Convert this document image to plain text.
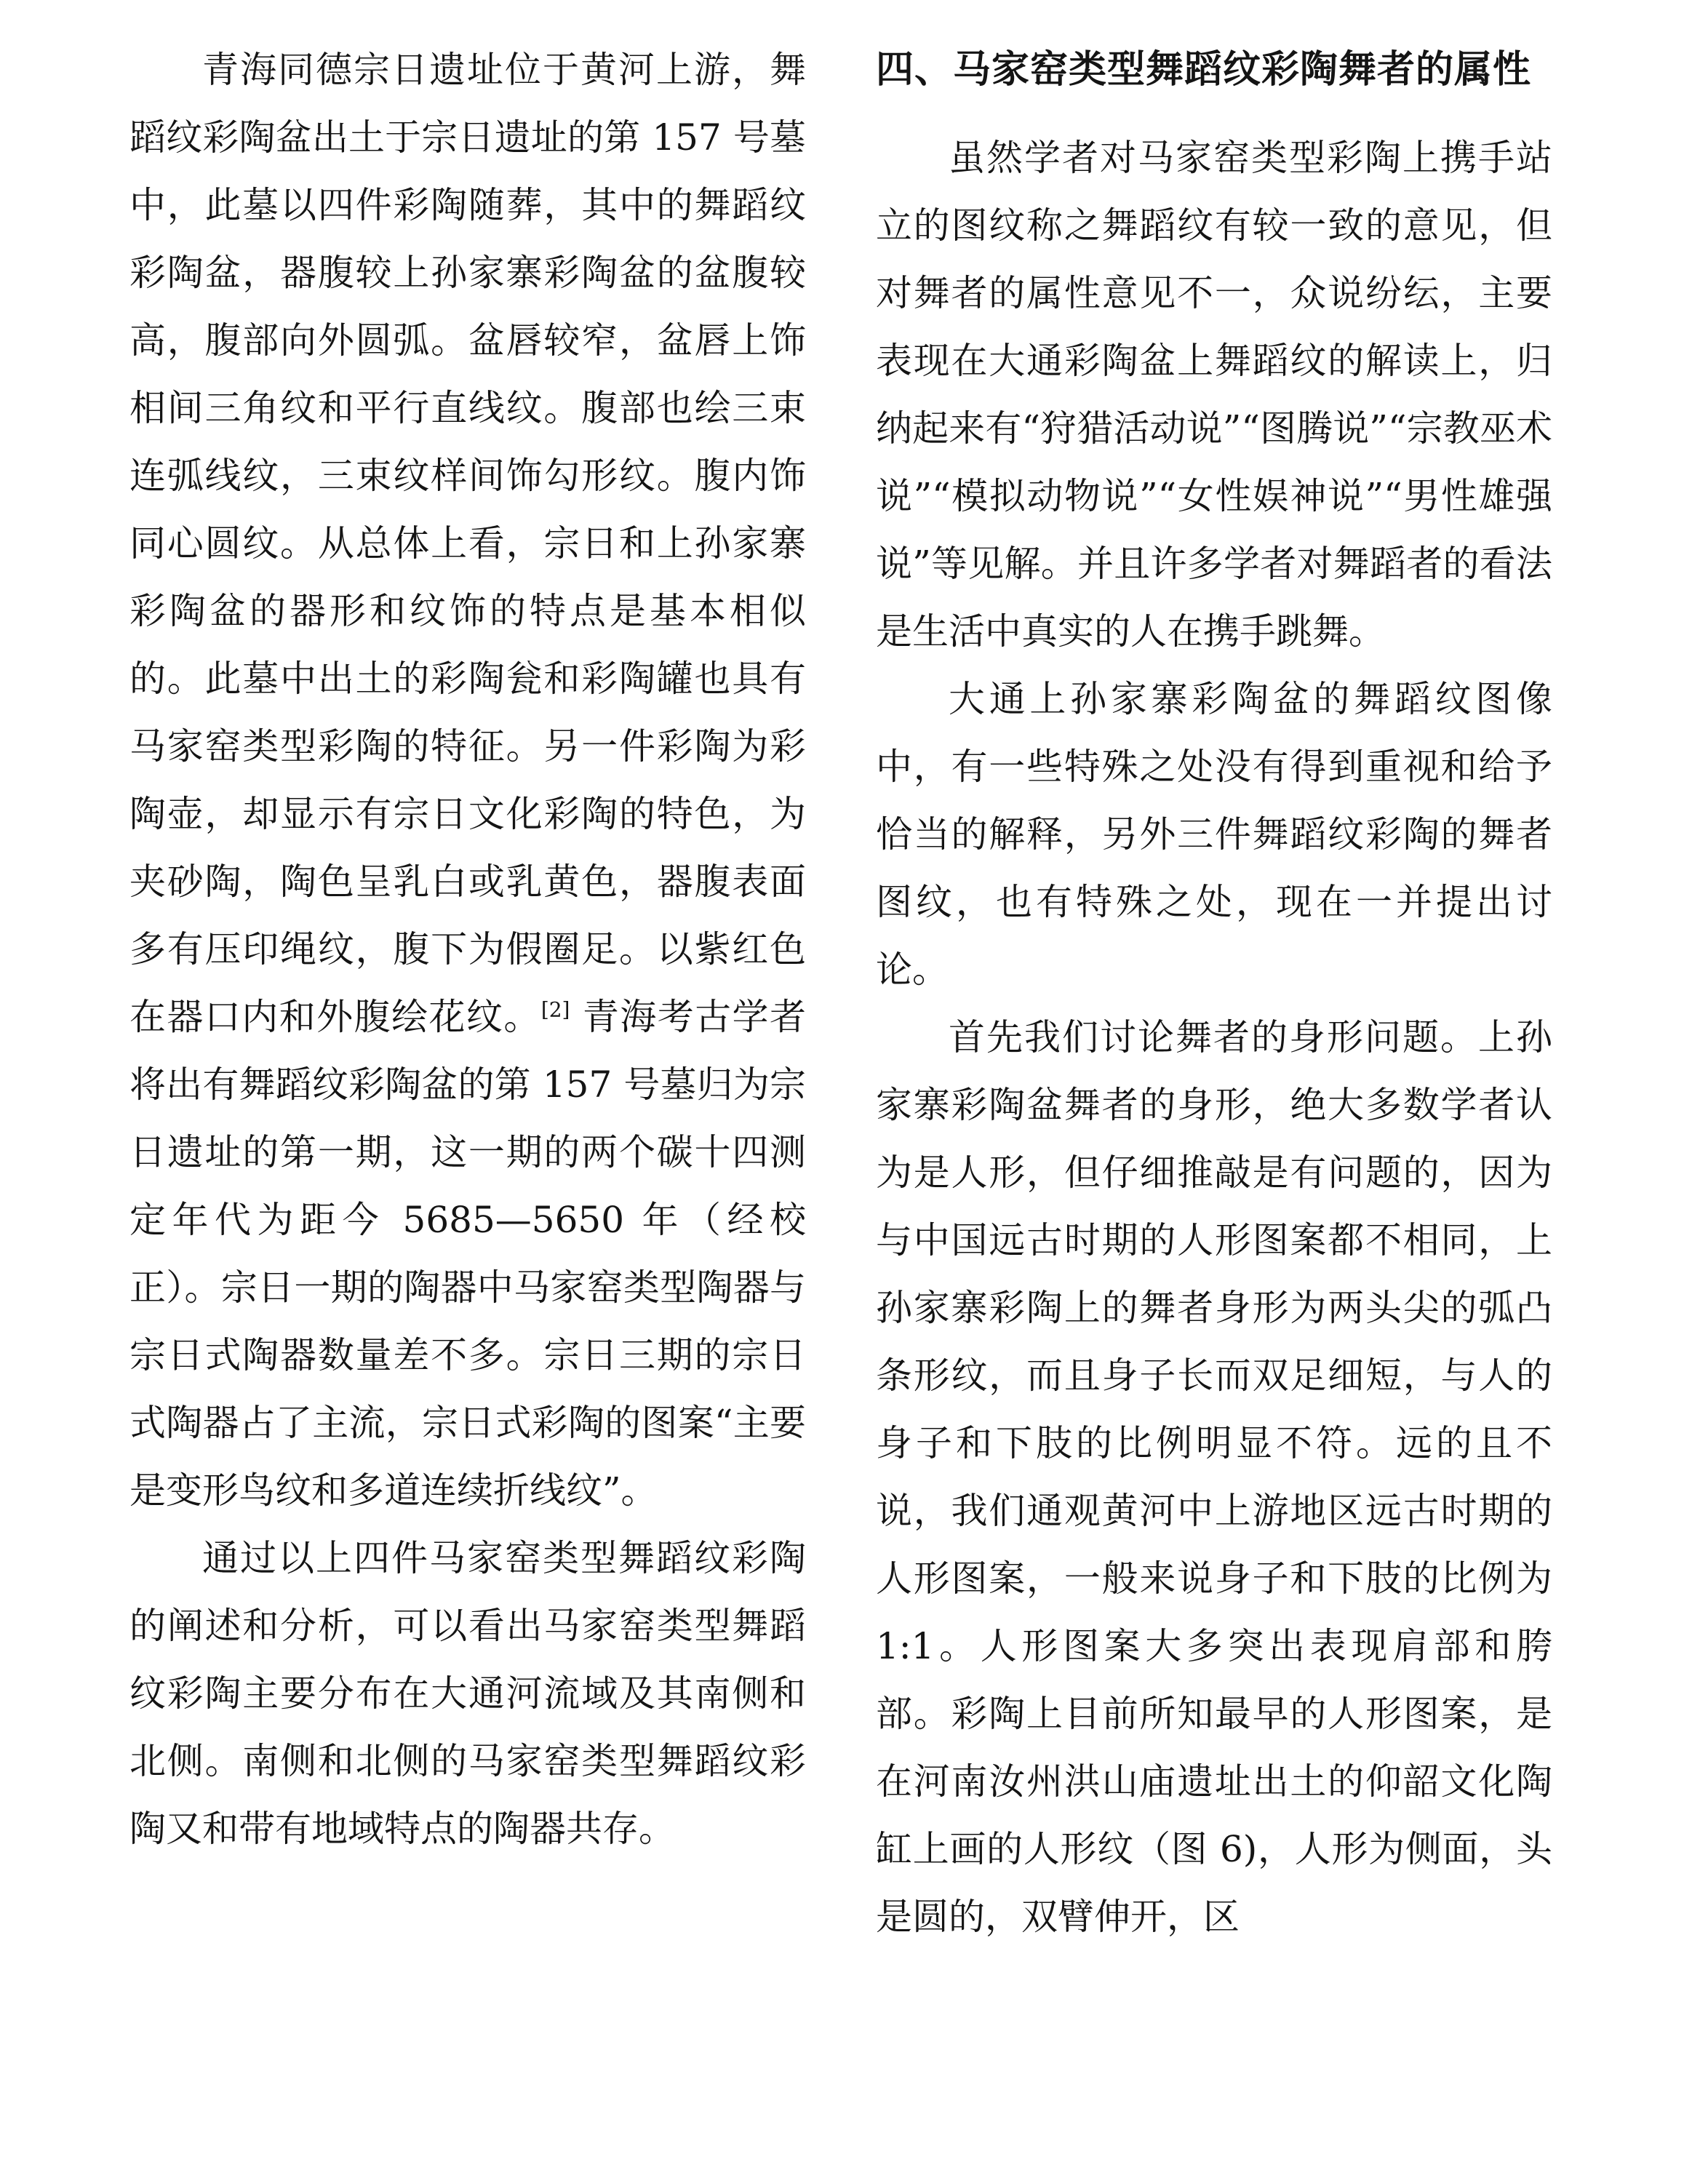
青海同德宗日遗址位于黄河上游，舞蹈纹彩陶盆出土于宗日遗址的第 157 号墓中，此墓以四件彩陶随葬，其中的舞蹈纹彩陶盆，器腹较上孙家寨彩陶盆的盆腹较高，腹部向外圆弧。盆唇较窄，盆唇上饰相间三角纹和平行直线纹。腹部也绘三束连弧线纹，三束纹样间饰勾形纹。腹内饰同心圆纹。从总体上看，宗日和上孙家寨彩陶盆的器形和纹饰的特点是基本相似的。此墓中出土的彩陶瓮和彩陶罐也具有马家窑类型彩陶的特征。另一件彩陶为彩陶壶，却显示有宗日文化彩陶的特色，为夹砂陶，陶色呈乳白或乳黄色，器腹表面多有压印绳纹，腹下为假圈足。以紫红色在器口内和外腹绘花纹。[2] 青海考古学者将出有舞蹈纹彩陶盆的第 157 号墓归为宗日遗址的第一期，这一期的两个碳十四测定年代为距今 5685—5650 年（经校正）。宗日一期的陶器中马家窑类型陶器与宗日式陶器数量差不多。宗日三期的宗日式陶器占了主流，宗日式彩陶的图案“主要是变形鸟纹和多道连续折线纹”。

通过以上四件马家窑类型舞蹈纹彩陶的阐述和分析，可以看出马家窑类型舞蹈纹彩陶主要分布在大通河流域及其南侧和北侧。南侧和北侧的马家窑类型舞蹈纹彩陶又和带有地域特点的陶器共存。

四、马家窑类型舞蹈纹彩陶舞者的属性

虽然学者对马家窑类型彩陶上携手站立的图纹称之舞蹈纹有较一致的意见，但对舞者的属性意见不一，众说纷纭，主要表现在大通彩陶盆上舞蹈纹的解读上，归纳起来有“狩猎活动说”“图腾说”“宗教巫术说”“模拟动物说”“女性娱神说”“男性雄强说”等见解。并且许多学者对舞蹈者的看法是生活中真实的人在携手跳舞。

大通上孙家寨彩陶盆的舞蹈纹图像中，有一些特殊之处没有得到重视和给予恰当的解释，另外三件舞蹈纹彩陶的舞者图纹，也有特殊之处，现在一并提出讨论。

首先我们讨论舞者的身形问题。上孙家寨彩陶盆舞者的身形，绝大多数学者认为是人形，但仔细推敲是有问题的，因为与中国远古时期的人形图案都不相同，上孙家寨彩陶上的舞者身形为两头尖的弧凸条形纹，而且身子长而双足细短，与人的身子和下肢的比例明显不符。远的且不说，我们通观黄河中上游地区远古时期的人形图案，一般来说身子和下肢的比例为 1:1。人形图案大多突出表现肩部和胯部。彩陶上目前所知最早的人形图案，是在河南汝州洪山庙遗址出土的仰韶文化陶缸上画的人形纹（图 6)，人形为侧面，头是圆的，双臂伸开，区
